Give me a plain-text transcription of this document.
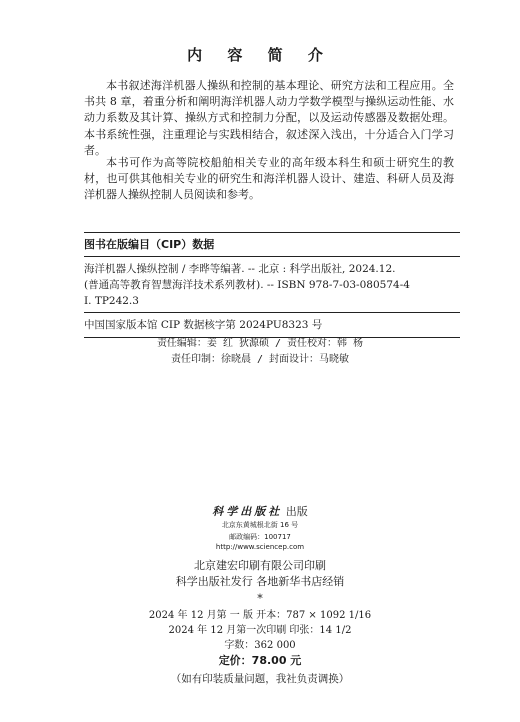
内 容 简 介

本书叙述海洋机器人操纵和控制的基本理论、研究方法和工程应用。全书共 8 章，着重分析和阐明海洋机器人动力学数学模型与操纵运动性能、水动力系数及其计算、操纵方式和控制力分配，以及运动传感器及数据处理。本书系统性强，注重理论与实践相结合，叙述深入浅出，十分适合入门学习者。

本书可作为高等院校船舶相关专业的高年级本科生和硕士研究生的教材，也可供其他相关专业的研究生和海洋机器人设计、建造、科研人员及海洋机器人操纵控制人员阅读和参考。

图书在版编目（CIP）数据
海洋机器人操纵控制 / 李晔等编著. -- 北京 : 科学出版社, 2024.12.
(普通高等教育智慧海洋技术系列教材). -- ISBN 978-7-03-080574-4
Ⅰ. TP242.3
中国国家版本馆 CIP 数据核字第 2024PU8323 号
责任编辑：姜 红 狄源硕 / 责任校对：韩 杨
责任印制：徐晓晨 / 封面设计：马晓敏
科学出版社 出版
北京东黄城根北街 16 号
邮政编码：100717
http://www.sciencep.com
北京建宏印刷有限公司印刷
科学出版社发行 各地新华书店经销
*
2024 年 12 月第 一 版 开本：787 × 1092 1/16
2024 年 12 月第一次印刷 印张：14 1/2
字数：362 000
定价：78.00 元
（如有印装质量问题，我社负责调换）
